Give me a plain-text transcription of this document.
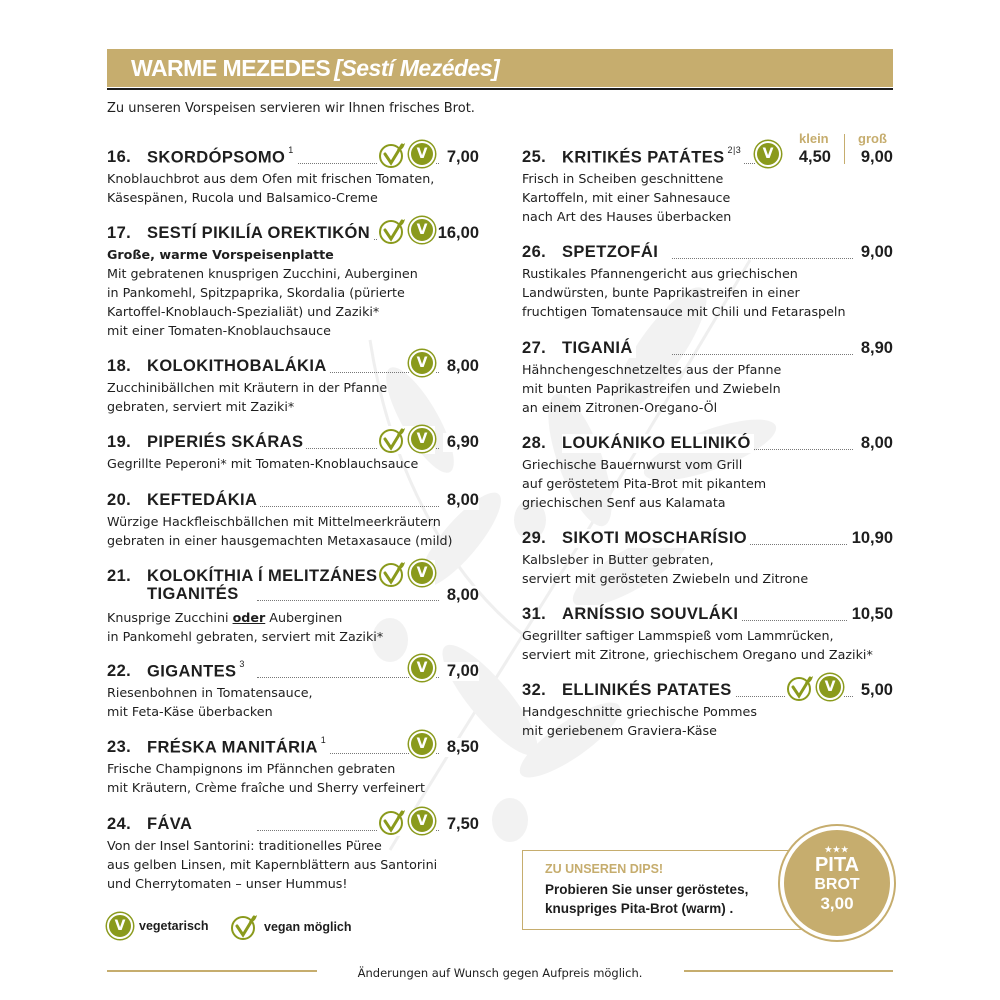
WARME MEZEDES [Sestí Mezédes]
Zu unseren Vorspeisen servieren wir Ihnen frisches Brot.
klein groß
16. SKORDÓPSOMO $^1$	V	7,00
Knoblauchbrot aus dem Ofen mit frischen Tomaten,
Käsespänen, Rucola und Balsamico-Creme
17. SESTÍ PIKILÍA OREKTIKÓN	V 16,00
Große, warme Vorspeisenplatte
Mit gebratenen knusprigen Zucchini, Auberginen
in Pankomehl, Spitzpaprika, Skordalia (pürierte
Kartoffel-Knoblauch-Spezialiät) und Zaziki*
mit einer Tomaten-Knoblauchsauce
18. KOLOKITHOBALÁKIA	V	8,00
Zucchinibällchen mit Kräutern in der Pfanne
gebraten, serviert mit Zaziki*
19. PIPERIÉS SKÁRAS	V	6,90
Gegrillte Peperoni* mit Tomaten-Knoblauchsauce
20. KEFTEDÁKIA	8,00
Würzige Hackfleischbällchen mit Mittelmeerkräutern
gebraten in einer hausgemachten Metaxasauce (mild)
21. KOLOKÍTHIA Í MELITZÁNES	V
TIGANITÉS	8,00
Knusprige Zucchini oder Auberginen
in Pankomehl gebraten, serviert mit Zaziki*
22. GIGANTES $^3$	V	7,00
Riesenbohnen in Tomatensauce,
mit Feta-Käse überbacken
23. FRÉSKA MANITÁRIA $^1$	V	8,50
Frische Champignons im Pfännchen gebraten
mit Kräutern, Crème fraîche und Sherry verfeinert
24. FÁVA	V	7,50
Von der Insel Santorini: traditionelles Püree
aus gelben Linsen, mit Kapernblättern aus Santorini
und Cherrytomaten – unser Hummus!
25. KRITIKÉS PATÁTES $^{2|3}$	V	4,50 9,00
Frisch in Scheiben geschnittene
Kartoffeln, mit einer Sahnesauce
nach Art des Hauses überbacken
26. SPETZOFÁI	9,00
Rustikales Pfannengericht aus griechischen
Landwürsten, bunte Paprikastreifen in einer
fruchtigen Tomatensauce mit Chili und Fetaraspeln
27. TIGANIÁ	8,90
Hähnchengeschnetzeltes aus der Pfanne
mit bunten Paprikastreifen und Zwiebeln
an einem Zitronen-Oregano-Öl
28. LOUKÁNIKO ELLINIKÓ	8,00
Griechische Bauernwurst vom Grill
auf geröstetem Pita-Brot mit pikantem
griechischen Senf aus Kalamata
29. SIKOTI MOSCHARÍSIO	10,90
Kalbsleber in Butter gebraten,
serviert mit gerösteten Zwiebeln und Zitrone
31. ARNÍSSIO SOUVLÁKI	10,50
Gegrillter saftiger Lammspieß vom Lammrücken,
serviert mit Zitrone, griechischem Oregano und Zaziki*
32. ELLINIKÉS PATATES	V	5,00
Handgeschnitte griechische Pommes
mit geriebenem Graviera-Käse
V	vegetarisch	vegan möglich
ZU UNSEREN DIPS!
Probieren Sie unser geröstetes,
knuspriges Pita-Brot (warm) .
★★★
PITA
BROT
3,00
Änderungen auf Wunsch gegen Aufpreis möglich.
